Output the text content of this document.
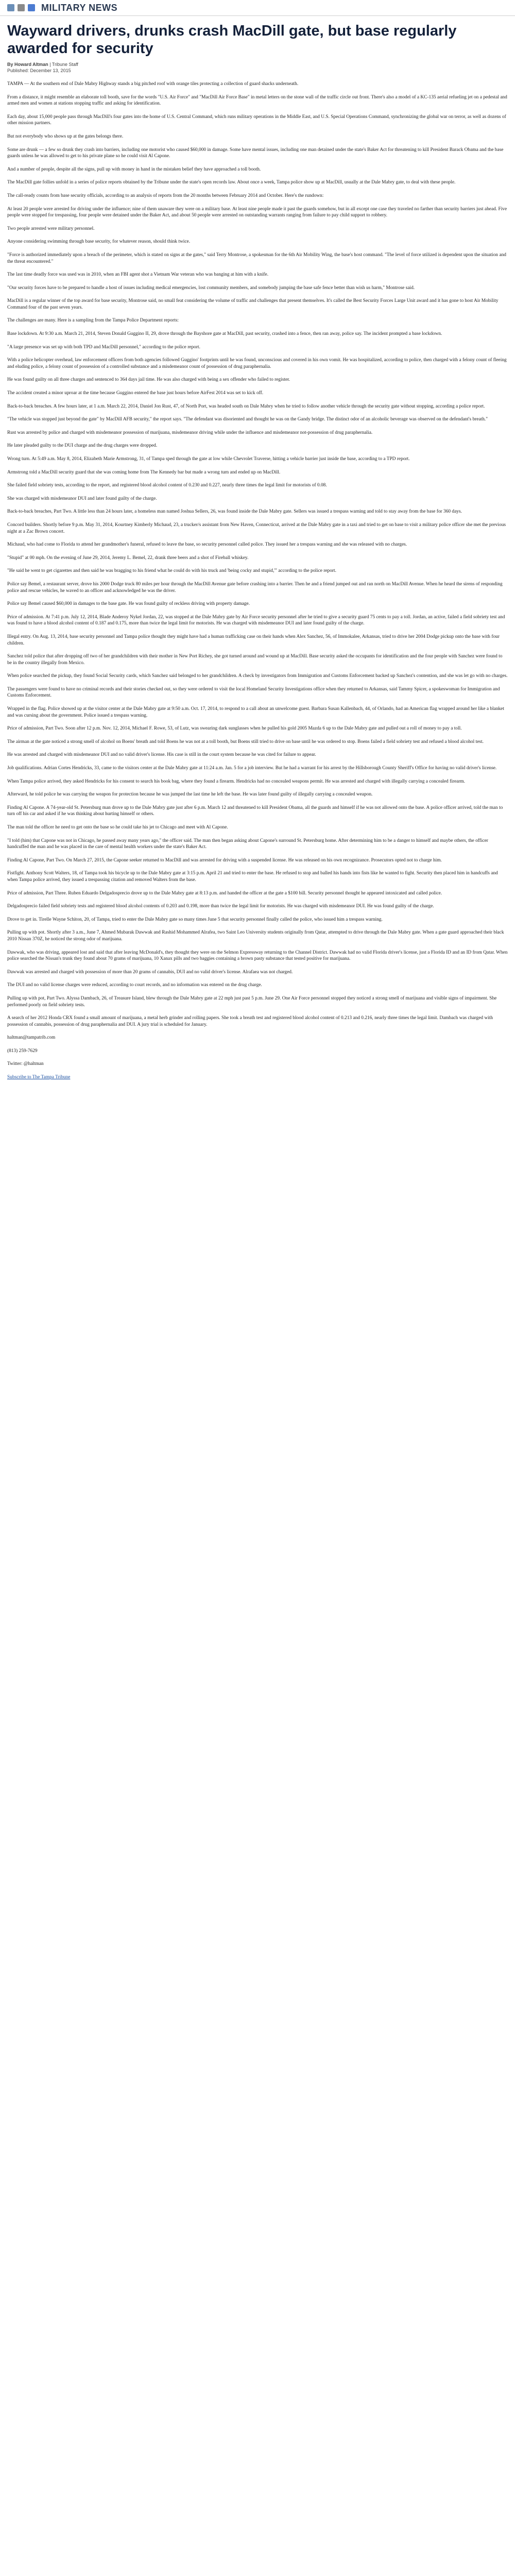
MILITARY NEWS
Wayward drivers, drunks crash MacDill gate, but base regularly awarded for security
By Howard Altman | Tribune Staff
Published: December 13, 2015

TAMPA — At the southern end of Dale Mabry Highway stands a big pitched roof with orange tiles protecting a collection of guard shacks underneath.

From a distance, it might resemble an elaborate toll booth, save for the words "U.S. Air Force" and "MacDill Air Force Base" in metal letters on the stone wall of the traffic circle out front. There's also a model of a KC-135 aerial refueling jet on a pedestal and armed men and women at stations stopping traffic and asking for identification.

Each day, about 15,000 people pass through MacDill's four gates into the home of U.S. Central Command, which runs military operations in the Middle East, and U.S. Special Operations Command, synchronizing the global war on terror, as well as dozens of other mission partners.

But not everybody who shows up at the gates belongs there.

Some are drunk — a few so drunk they crash into barriers, including one motorist who caused $60,000 in damage. Some have mental issues, including one man detained under the state's Baker Act for threatening to kill President Barack Obama and the base guards unless he was allowed to get to his private plane so he could visit Al Capone.

And a number of people, despite all the signs, pull up with money in hand in the mistaken belief they have approached a toll booth.

The MacDill gate follies unfold in a series of police reports obtained by the Tribune under the state's open records law. About once a week, Tampa police show up at MacDill, usually at the Dale Mabry gate, to deal with these people.

The call-ready counts from base security officials, according to an analysis of reports from the 20 months between February 2014 and October. Here's the rundown:

At least 20 people were arrested for driving under the influence; nine of them unaware they were on a military base. At least nine people made it past the guards somehow, but in all except one case they traveled no farther than security barriers just ahead. Five people were stopped for trespassing, four people were detained under the Baker Act, and about 50 people were arrested on outstanding warrants ranging from failure to pay child support to robbery.

Two people arrested were military personnel.

Anyone considering swimming through base security, for whatever reason, should think twice.

"Force is authorized immediately upon a breach of the perimeter, which is stated on signs at the gates," said Terry Montrose, a spokesman for the 6th Air Mobility Wing, the base's host command. "The level of force utilized is dependent upon the situation and the threat encountered."

The last time deadly force was used was in 2010, when an FBI agent shot a Vietnam War veteran who was banging at him with a knife.

"Our security forces have to be prepared to handle a host of issues including medical emergencies, lost community members, and somebody jumping the base safe fence better than wish us harm," Montrose said.

MacDill is a regular winner of the top award for base security, Montrose said, no small feat considering the volume of traffic and challenges that present themselves. It's called the Best Security Forces Large Unit award and it has gone to host Air Mobility Command four of the past seven years.

The challenges are many. Here is a sampling from the Tampa Police Department reports:

Base lockdown. At 9:30 a.m. March 21, 2014, Steven Donald Guggino II, 29, drove through the Bayshore gate at MacDill, past security, crashed into a fence, then ran away, police say. The incident prompted a base lockdown.

"A large presence was set up with both TPD and MacDill personnel," according to the police report.

With a police helicopter overhead, law enforcement officers from both agencies followed Guggino' footprints until he was found, unconscious and covered in his own vomit. He was hospitalized, according to police, then charged with a felony count of fleeing and eluding police, a felony count of possession of a controlled substance and a misdemeanor count of possession of drug paraphernalia.

He was found guilty on all three charges and sentenced to 364 days jail time. He was also charged with being a sex offender who failed to register.

The accident created a minor uproar at the time because Guggino entered the base just hours before AirFest 2014 was set to kick off.

Back-to-back breaches. A few hours later, at 1 a.m. March 22, 2014, Daniel Jon Rust, 47, of North Port, was headed south on Dale Mabry when he tried to follow another vehicle through the security gate without stopping, according a police report.

"The vehicle was stopped just beyond the gate" by MacDill AFB security," the report says. "The defendant was disoriented and thought he was on the Gandy bridge. The distinct odor of an alcoholic beverage was observed on the defendant's breath."

Rust was arrested by police and charged with misdemeanor possession of marijuana, misdemeanor driving while under the influence and misdemeanor not-possession of drug paraphernalia.

He later pleaded guilty to the DUI charge and the drug charges were dropped.

Wrong turn. At 5:49 a.m. May 8, 2014, Elizabeth Marie Armstrong, 31, of Tampa sped through the gate at low while Chevrolet Traverse, hitting a vehicle barrier just inside the base, according to a TPD report.

Armstrong told a MacDill security guard that she was coming home from The Kennedy bar but made a wrong turn and ended up on MacDill.

She failed field sobriety tests, according to the report, and registered blood alcohol content of 0.230 and 0.227, nearly three times the legal limit for motorists of 0.08.

She was charged with misdemeanor DUI and later found guilty of the charge.

Back-to-back breaches, Part Two. A little less than 24 hours later, a homeless man named Joshua Sellers, 26, was found inside the Dale Mabry gate. Sellers was issued a trespass warning and told to stay away from the base for 360 days.

Concord builders. Shortly before 9 p.m. May 31, 2014, Kourtney Kimberly Michaud, 23, a trucker/s assistant from New Haven, Connecticut, arrived at the Dale Mabry gate in a taxi and tried to get on base to visit a military police officer she met the previous night at a Zac Brown concert.

Michaud, who had come to Florida to attend her grandmother's funeral, refused to leave the base, so security personnel called police. They issued her a trespass warning and she was released with no charges.

"Stupid" at 00 mph. On the evening of June 29, 2014, Jeremy L. Bemel, 22, drank three beers and a shot of Fireball whiskey.

"He said he went to get cigarettes and then said he was bragging to his friend what he could do with his truck and 'being cocky and stupid,'" according to the police report.

Police say Bemel, a restaurant server, drove his 2000 Dodge truck 80 miles per hour through the MacDill Avenue gate before crashing into a barrier. Then he and a friend jumped out and ran north on MacDill Avenue. When he heard the sirens of responding police and rescue vehicles, he waved to an officer and acknowledged he was the driver.

Police say Bemel caused $60,000 in damages to the base gate. He was found guilty of reckless driving with property damage.

Price of admission. At 7:41 p.m. July 12, 2014, Blade Anderoy Nykel Jordan, 22, was stopped at the Dale Mabry gate by Air Force security personnel after he tried to give a security guard 75 cents to pay a toll. Jordan, an active, failed a field sobriety test and was found to have a blood alcohol content of 0.187 and 0.175, more than twice the legal limit for motorists. He was charged with misdemeanor DUI and later found guilty of the charge.

Illegal entry. On Aug. 13, 2014, base security personnel and Tampa police thought they might have had a human trafficking case on their hands when Alex Sanchez, 56, of Immokalee, Arkansas, tried to drive her 2004 Dodge pickup onto the base with four children.

Sanchez told police that after dropping off two of her grandchildren with their mother in New Port Richey, she got turned around and wound up at MacDill. Base security asked the occupants for identification and the four people with Sanchez were found to be in the country illegally from Mexico.

When police searched the pickup, they found Social Security cards, which Sanchez said belonged to her grandchildren. A check by investigators from Immigration and Customs Enforcement backed up Sanchez's contention, and she was let go with no charges.

The passengers were found to have no criminal records and their stories checked out, so they were ordered to visit the local Homeland Security Investigations office when they returned to Arkansas, said Tammy Spicer, a spokeswoman for Immigration and Customs Enforcement.

Wrapped in the flag. Police showed up at the visitor center at the Dale Mabry gate at 9:50 a.m. Oct. 17, 2014, to respond to a call about an unwelcome guest. Barbara Susan Kallenbach, 44, of Orlando, had an American flag wrapped around her like a blanket and was cursing about the government. Police issued a trespass warning.

Price of admission, Part Two. Soon after 12 p.m. Nov. 12, 2014, Michael F. Rowe, 53, of Lutz, was swearing dark sunglasses when he pulled his gold 2005 Mazda 6 up to the Dale Mabry gate and pulled out a roll of money to pay a toll.

The airman at the gate noticed a strong smell of alcohol on Boens' breath and told Boens he was not at a toll booth, but Boens still tried to drive on base until he was ordered to stop. Boens failed a field sobriety test and refused a blood alcohol test.

He was arrested and charged with misdemeanor DUI and no valid driver's license. His case is still in the court system because he was cited for failure to appear.

Job qualifications. Adrian Cortes Hendricks, 33, came to the visitors center at the Dale Mabry gate at 11:24 a.m. Jan. 5 for a job interview. But he had a warrant for his arrest by the Hillsborough County Sheriff's Office for having no valid driver's license.

When Tampa police arrived, they asked Hendricks for his consent to search his book bag, where they found a firearm. Hendricks had no concealed weapons permit. He was arrested and charged with illegally carrying a concealed firearm.

Afterward, he told police he was carrying the weapon for protection because he was jumped the last time he left the base. He was later found guilty of illegally carrying a concealed weapon.

Finding Al Capone. A 74-year-old St. Petersburg man drove up to the Dale Mabry gate just after 6 p.m. March 12 and threatened to kill President Obama, all the guards and himself if he was not allowed onto the base. A police officer arrived, told the man to turn off his car and asked if he was thinking about hurting himself or others.

The man told the officer he need to get onto the base so he could take his jet to Chicago and meet with Al Capone.

"I told (him) that Capone was not in Chicago, he passed away many years ago," the officer said. The man then began asking about Capone's surround St. Petersburg home. After determining him to be a danger to himself and maybe others, the officer handcuffed the man and he was placed in the care of mental health workers under the state's Baker Act.

Finding Al Capone, Part Two. On March 27, 2015, the Capone seeker returned to MacDill and was arrested for driving with a suspended license. He was released on his own recognizance. Prosecutors opted not to charge him.

Fistfight. Anthony Scott Walters, 18, of Tampa took his bicycle up to the Dale Mabry gate at 3:15 p.m. April 21 and tried to enter the base. He refused to stop and balled his hands into fists like he wanted to fight. Security then placed him in handcuffs and when Tampa police arrived, they issued a trespassing citation and removed Walters from the base.

Price of admission, Part Three. Ruben Eduardo Delgadosprecio drove up to the Dale Mabry gate at 8:13 p.m. and handed the officer at the gate a $100 bill. Security personnel thought he appeared intoxicated and called police.

Delgadosprecio failed field sobriety tests and registered blood alcohol contents of 0.203 and 0.198, more than twice the legal limit for motorists. He was charged with misdemeanor DUI. He was found guilty of the charge.

Drove to get in. Tirelle Wayne Schiton, 20, of Tampa, tried to enter the Dale Mabry gate so many times June 5 that security personnel finally called the police, who issued him a trespass warning.

Pulling up with pot. Shortly after 3 a.m., June 7, Ahmed Mubarak Dawwak and Rashid Mohammed Alrafea, two Saint Leo University students originally from Qatar, attempted to drive through the Dale Mabry gate. When a gate guard approached their black 2010 Nissan 370Z, he noticed the strong odor of marijuana.

Dawwak, who was driving, appeared lost and said that after leaving McDonald's, they thought they were on the Selmon Expressway returning to the Channel District. Dawwak had no valid Florida driver's license, just a Florida ID and an ID from Qatar. When police searched the Nissan's trunk they found about 70 grams of marijuana, 10 Xanax pills and two baggies containing a brown pasty substance that tested positive for marijuana.

Dawwak was arrested and charged with possession of more than 20 grams of cannabis, DUI and no valid driver's license. Alrafaea was not charged.

The DUI and no valid license charges were reduced, according to court records, and no information was entered on the drug charge.

Pulling up with pot, Part Two. Alyssa Dambach, 26, of Treasure Island, blew through the Dale Mabry gate at 22 mph just past 5 p.m. June 29. One Air Force personnel stopped they noticed a strong smell of marijuana and visible signs of impairment. She performed poorly on field sobriety tests.

A search of her 2012 Honda CRX found a small amount of marijuana, a metal herb grinder and rolling papers. She took a breath test and registered blood alcohol content of 0.213 and 0.216, nearly three times the legal limit. Dambach was charged with possession of cannabis, possession of drug paraphernalia and DUI. A jury trial is scheduled for January.

haltman@tampatrib.com

(813) 259-7629

Twitter: @haltman

Subscribe to The Tampa Tribune
